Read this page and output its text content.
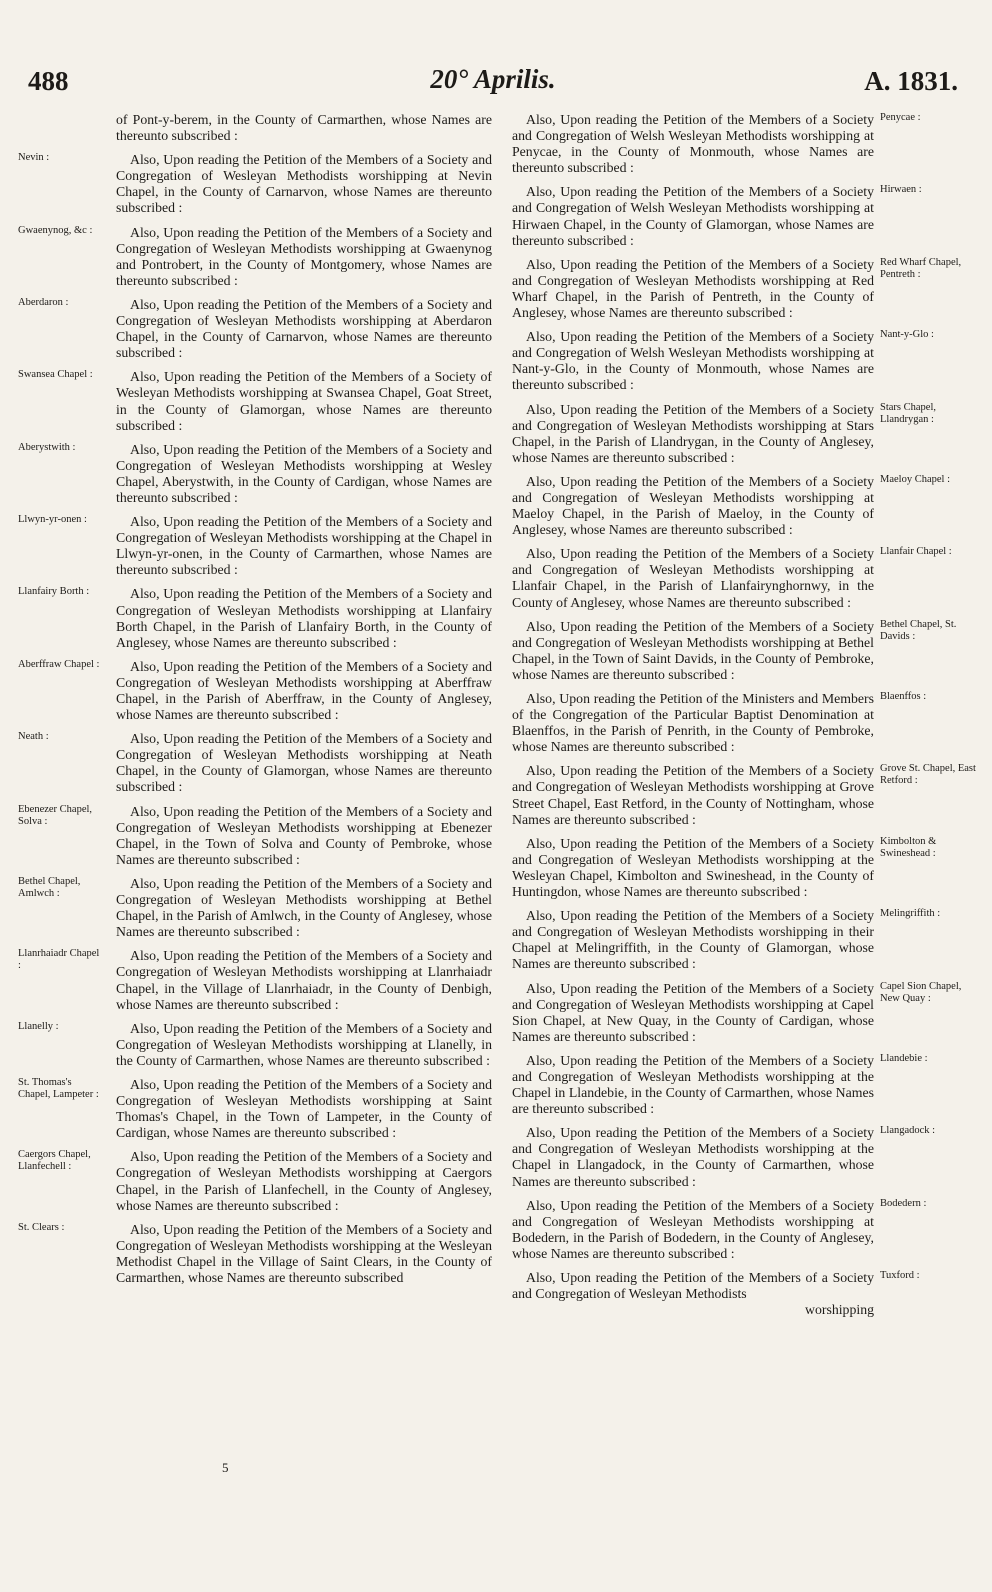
488	20° Aprilis.	A. 1831.

of Pont-y-berem, in the County of Carmarthen, whose Names are thereunto subscribed :

Also, Upon reading the Petition of the Members of a Society and Congregation of Wesleyan Methodists worshipping at Nevin Chapel, in the County of Carnarvon, whose Names are thereunto subscribed :

Also, Upon reading the Petition of the Members of a Society and Congregation of Wesleyan Methodists worshipping at Gwaenynog and Pontrobert, in the County of Montgomery, whose Names are thereunto subscribed :

Also, Upon reading the Petition of the Members of a Society and Congregation of Wesleyan Methodists worshipping at Aberdaron Chapel, in the County of Carnarvon, whose Names are thereunto subscribed :

Also, Upon reading the Petition of the Members of a Society of Wesleyan Methodists worshipping at Swansea Chapel, Goat Street, in the County of Glamorgan, whose Names are thereunto subscribed :

Also, Upon reading the Petition of the Members of a Society and Congregation of Wesleyan Methodists worshipping at Wesley Chapel, Aberystwith, in the County of Cardigan, whose Names are thereunto subscribed :

Also, Upon reading the Petition of the Members of a Society and Congregation of Wesleyan Methodists worshipping at the Chapel in Llwyn-yr-onen, in the County of Carmarthen, whose Names are thereunto subscribed :

Also, Upon reading the Petition of the Members of a Society and Congregation of Wesleyan Methodists worshipping at Llanfairy Borth Chapel, in the Parish of Llanfairy Borth, in the County of Anglesey, whose Names are thereunto subscribed :

Also, Upon reading the Petition of the Members of a Society and Congregation of Wesleyan Methodists worshipping at Aberffraw Chapel, in the Parish of Aberffraw, in the County of Anglesey, whose Names are thereunto subscribed :

Also, Upon reading the Petition of the Members of a Society and Congregation of Wesleyan Methodists worshipping at Neath Chapel, in the County of Glamorgan, whose Names are thereunto subscribed :

Also, Upon reading the Petition of the Members of a Society and Congregation of Wesleyan Methodists worshipping at Ebenezer Chapel, in the Town of Solva and County of Pembroke, whose Names are thereunto subscribed :

Also, Upon reading the Petition of the Members of a Society and Congregation of Wesleyan Methodists worshipping at Bethel Chapel, in the Parish of Amlwch, in the County of Anglesey, whose Names are thereunto subscribed :

Also, Upon reading the Petition of the Members of a Society and Congregation of Wesleyan Methodists worshipping at Llanrhaiadr Chapel, in the Village of Llanrhaiadr, in the County of Denbigh, whose Names are thereunto subscribed :

Also, Upon reading the Petition of the Members of a Society and Congregation of Wesleyan Methodists worshipping at Llanelly, in the County of Carmarthen, whose Names are thereunto subscribed :

Also, Upon reading the Petition of the Members of a Society and Congregation of Wesleyan Methodists worshipping at Saint Thomas's Chapel, in the Town of Lampeter, in the County of Cardigan, whose Names are thereunto subscribed :

Also, Upon reading the Petition of the Members of a Society and Congregation of Wesleyan Methodists worshipping at Caergors Chapel, in the Parish of Llanfechell, in the County of Anglesey, whose Names are thereunto subscribed :

Also, Upon reading the Petition of the Members of a Society and Congregation of Wesleyan Methodists worshipping at the Wesleyan Methodist Chapel in the Village of Saint Clears, in the County of Carmarthen, whose Names are thereunto subscribed

Nevin :
Gwaenynog, &c :
Aberdaron :
Swansea Chapel :
Aberystwith :
Llwyn-yr-onen :
Llanfairy Borth :
Aberffraw Chapel :
Neath :
Ebenezer Chapel, Solva :
Bethel Chapel, Amlwch :
Llanrhaiadr Chapel :
Llanelly :
St. Thomas's Chapel, Lampeter :
Caergors Chapel, Llanfechell :
St. Clears :

Also, Upon reading the Petition of the Members of a Society and Congregation of Welsh Wesleyan Methodists worshipping at Penycae, in the County of Monmouth, whose Names are thereunto subscribed :

Also, Upon reading the Petition of the Members of a Society and Congregation of Welsh Wesleyan Methodists worshipping at Hirwaen Chapel, in the County of Glamorgan, whose Names are thereunto subscribed :

Also, Upon reading the Petition of the Members of a Society and Congregation of Wesleyan Methodists worshipping at Red Wharf Chapel, in the Parish of Pentreth, in the County of Anglesey, whose Names are thereunto subscribed :

Also, Upon reading the Petition of the Members of a Society and Congregation of Welsh Wesleyan Methodists worshipping at Nant-y-Glo, in the County of Monmouth, whose Names are thereunto subscribed :

Also, Upon reading the Petition of the Members of a Society and Congregation of Wesleyan Methodists worshipping at Stars Chapel, in the Parish of Llandrygan, in the County of Anglesey, whose Names are thereunto subscribed :

Also, Upon reading the Petition of the Members of a Society and Congregation of Wesleyan Methodists worshipping at Maeloy Chapel, in the Parish of Maeloy, in the County of Anglesey, whose Names are thereunto subscribed :

Also, Upon reading the Petition of the Members of a Society and Congregation of Wesleyan Methodists worshipping at Llanfair Chapel, in the Parish of Llanfairynghornwy, in the County of Anglesey, whose Names are thereunto subscribed :

Also, Upon reading the Petition of the Members of a Society and Congregation of Wesleyan Methodists worshipping at Bethel Chapel, in the Town of Saint Davids, in the County of Pembroke, whose Names are thereunto subscribed :

Also, Upon reading the Petition of the Ministers and Members of the Congregation of the Particular Baptist Denomination at Blaenffos, in the Parish of Penrith, in the County of Pembroke, whose Names are thereunto subscribed :

Also, Upon reading the Petition of the Members of a Society and Congregation of Wesleyan Methodists worshipping at Grove Street Chapel, East Retford, in the County of Nottingham, whose Names are thereunto subscribed :

Also, Upon reading the Petition of the Members of a Society and Congregation of Wesleyan Methodists worshipping at the Wesleyan Chapel, Kimbolton and Swineshead, in the County of Huntingdon, whose Names are thereunto subscribed :

Also, Upon reading the Petition of the Members of a Society and Congregation of Wesleyan Methodists worshipping in their Chapel at Melingriffith, in the County of Glamorgan, whose Names are thereunto subscribed :

Also, Upon reading the Petition of the Members of a Society and Congregation of Wesleyan Methodists worshipping at Capel Sion Chapel, at New Quay, in the County of Cardigan, whose Names are thereunto subscribed :

Also, Upon reading the Petition of the Members of a Society and Congregation of Wesleyan Methodists worshipping at the Chapel in Llandebie, in the County of Carmarthen, whose Names are thereunto subscribed :

Also, Upon reading the Petition of the Members of a Society and Congregation of Wesleyan Methodists worshipping at the Chapel in Llangadock, in the County of Carmarthen, whose Names are thereunto subscribed :

Also, Upon reading the Petition of the Members of a Society and Congregation of Wesleyan Methodists worshipping at Bodedern, in the Parish of Bodedern, in the County of Anglesey, whose Names are thereunto subscribed :

Also, Upon reading the Petition of the Members of a Society and Congregation of Wesleyan Methodists

worshipping

Penycae :
Hirwaen :
Red Wharf Chapel, Pentreth :
Nant-y-Glo :
Stars Chapel, Llandrygan :
Maeloy Chapel :
Llanfair Chapel :
Bethel Chapel, St. Davids :
Blaenffos :
Grove St. Chapel, East Retford :
Kimbolton & Swineshead :
Melingriffith :
Capel Sion Chapel, New Quay :
Llandebie :
Llangadock :
Bodedern :
Tuxford :
5
